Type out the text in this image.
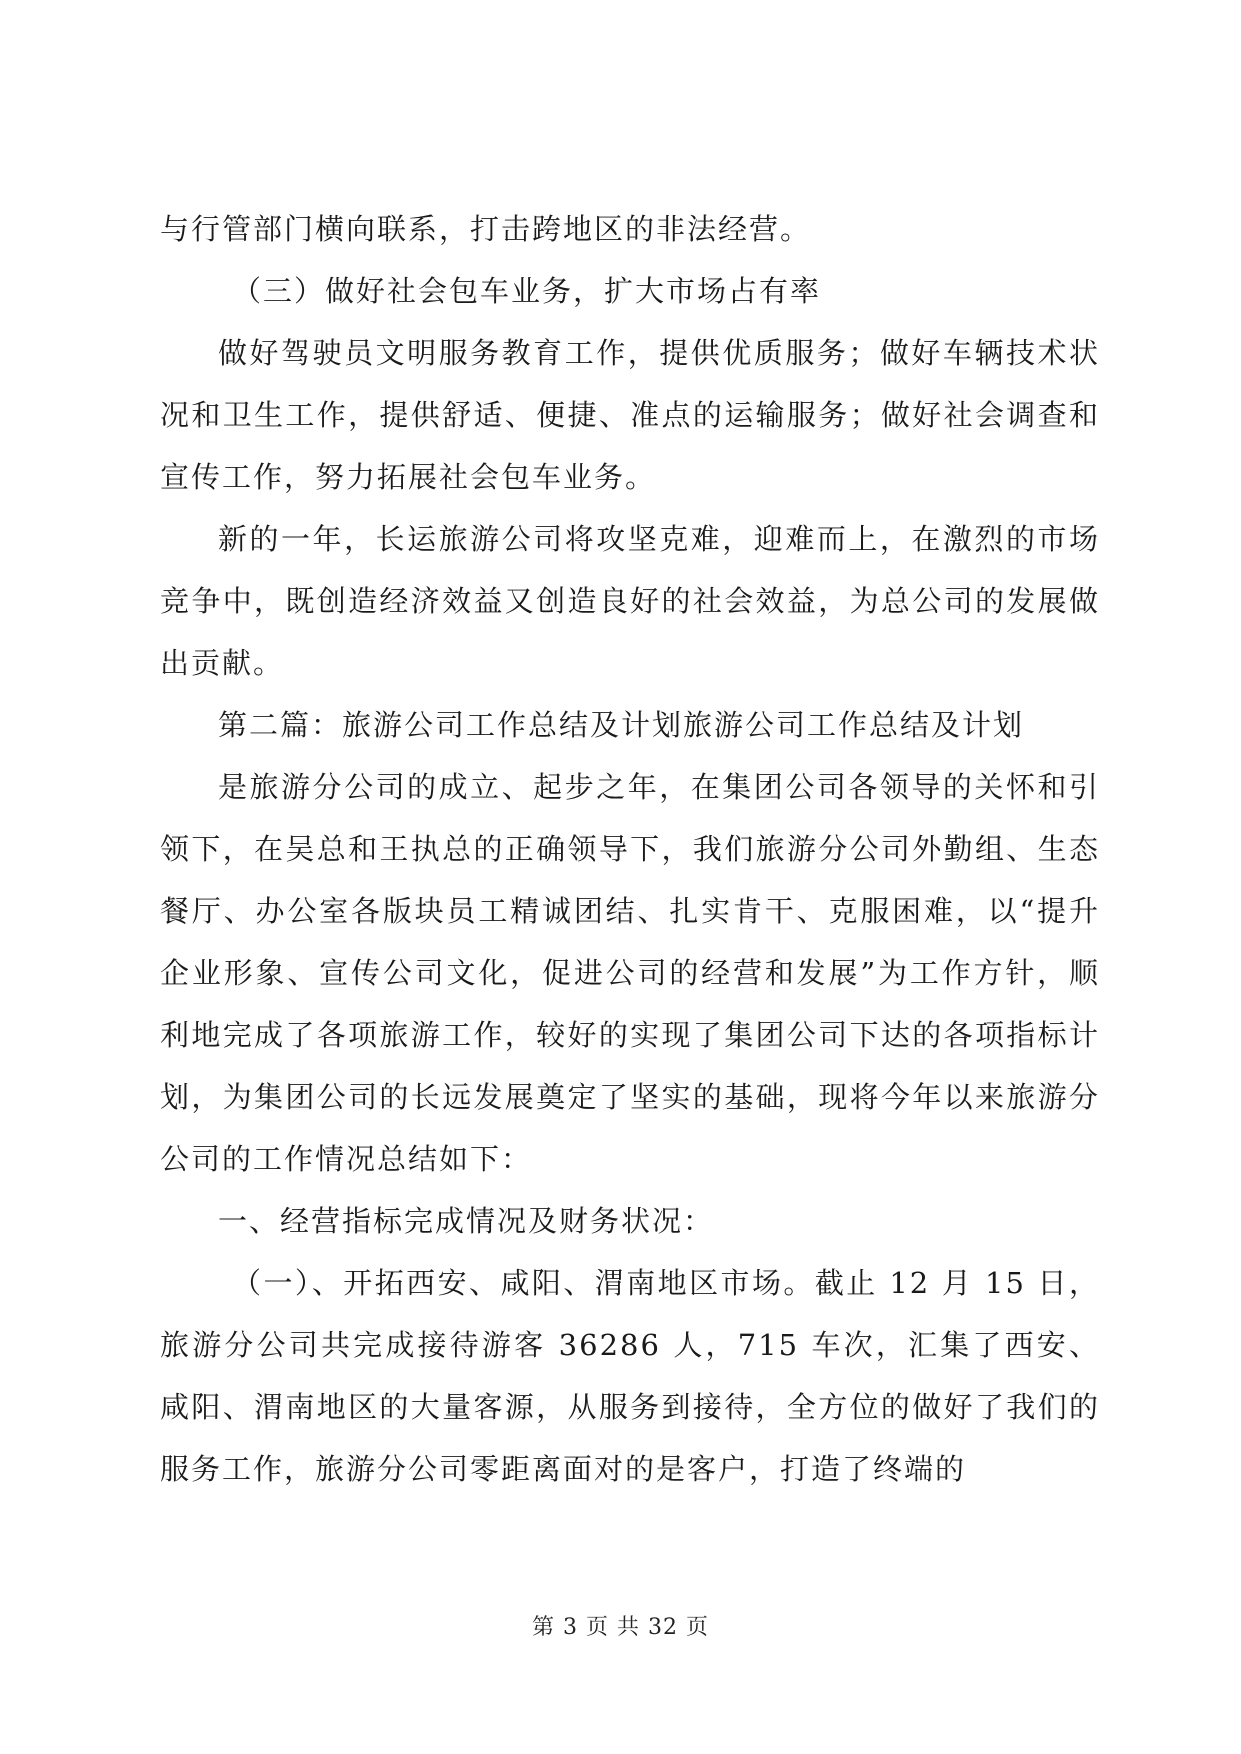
与行管部门横向联系，打击跨地区的非法经营。

（三）做好社会包车业务，扩大市场占有率

做好驾驶员文明服务教育工作，提供优质服务；做好车辆技术状况和卫生工作，提供舒适、便捷、准点的运输服务；做好社会调查和宣传工作，努力拓展社会包车业务。

新的一年，长运旅游公司将攻坚克难，迎难而上，在激烈的市场竞争中，既创造经济效益又创造良好的社会效益，为总公司的发展做出贡献。

第二篇：旅游公司工作总结及计划旅游公司工作总结及计划

是旅游分公司的成立、起步之年，在集团公司各领导的关怀和引领下，在吴总和王执总的正确领导下，我们旅游分公司外勤组、生态餐厅、办公室各版块员工精诚团结、扎实肯干、克服困难，以“提升企业形象、宣传公司文化，促进公司的经营和发展”为工作方针，顺利地完成了各项旅游工作，较好的实现了集团公司下达的各项指标计划，为集团公司的长远发展奠定了坚实的基础，现将今年以来旅游分公司的工作情况总结如下：

一、经营指标完成情况及财务状况：

（一）、开拓西安、咸阳、渭南地区市场。截止 12 月 15 日，旅游分公司共完成接待游客 36286 人，715 车次，汇集了西安、咸阳、渭南地区的大量客源，从服务到接待，全方位的做好了我们的服务工作，旅游分公司零距离面对的是客户，打造了终端的

第 3 页 共 32 页
